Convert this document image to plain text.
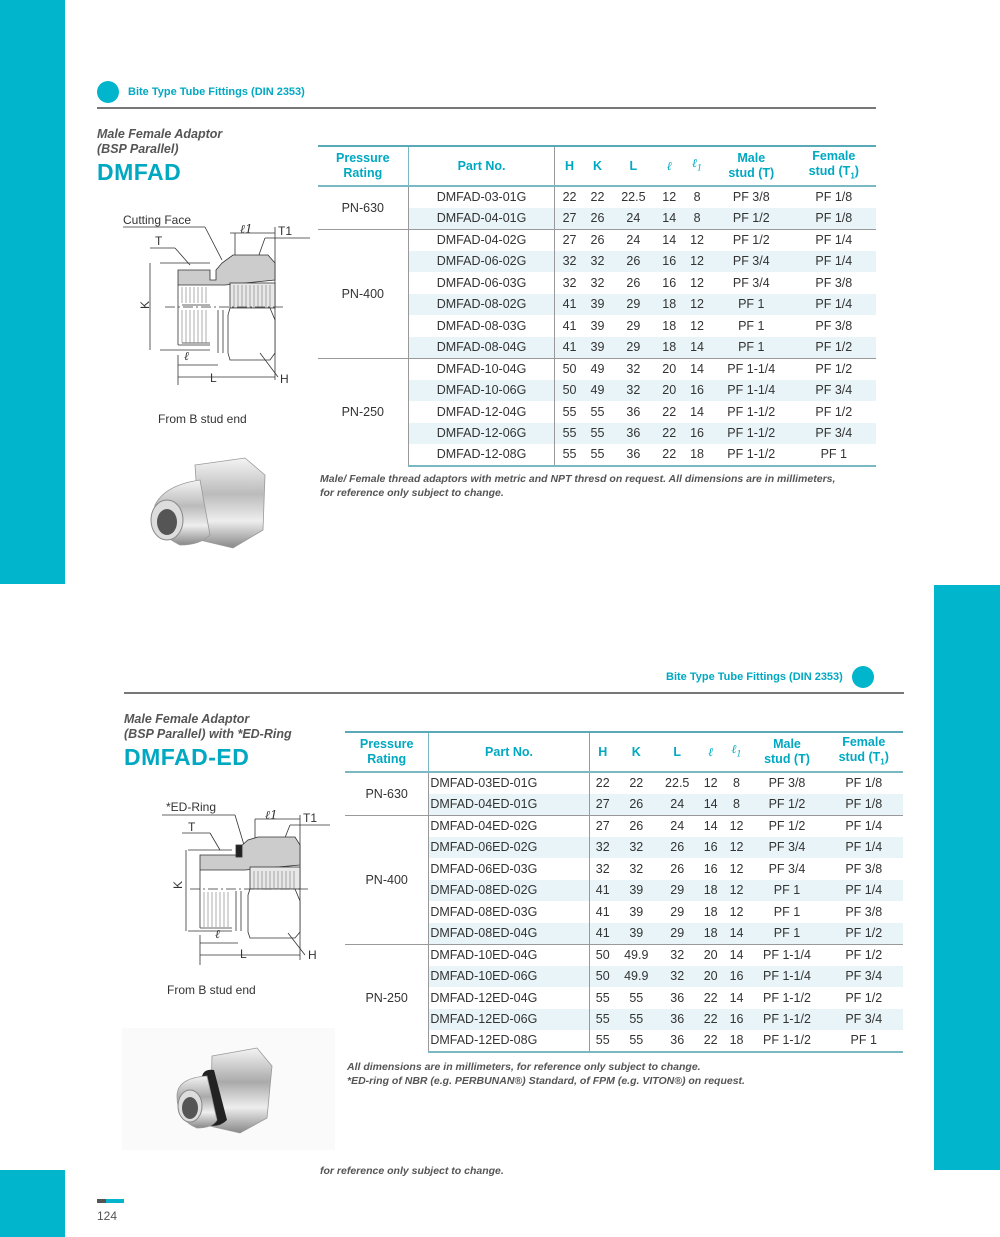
Bite Type Tube Fittings (DIN 2353)
Male Female Adaptor
(BSP Parallel)
DMFAD
Cutting Face
T
ℓ1 T1
K
ℓ
L	H
From B stud end
Pressure
Rating	Part No.	H	K	L	ℓ	ℓ$_1$	Male
stud (T)	Female
stud $(T_1)$
PN-630	DMFAD-03-01G	22	22	22.5	12	8	PF 3/8	PF 1/8
	DMFAD-04-01G	27	26	24	14	8	PF 1/2	PF 1/8
PN-400	DMFAD-04-02G	27	26	24	14	12	PF 1/2	PF 1/4
	DMFAD-06-02G	32	32	26	16	12	PF 3/4	PF 1/4
	DMFAD-06-03G	32	32	26	16	12	PF 3/4	PF 3/8
	DMFAD-08-02G	41	39	29	18	12	PF 1	PF 1/4
	DMFAD-08-03G	41	39	29	18	12	PF 1	PF 3/8
	DMFAD-08-04G	41	39	29	18	14	PF 1	PF 1/2
PN-250	DMFAD-10-04G	50	49	32	20	14	PF 1-1/4	PF 1/2
	DMFAD-10-06G	50	49	32	20	16	PF 1-1/4	PF 3/4
	DMFAD-12-04G	55	55	36	22	14	PF 1-1/2	PF 1/2
	DMFAD-12-06G	55	55	36	22	16	PF 1-1/2	PF 3/4
	DMFAD-12-08G	55	55	36	22	18	PF 1-1/2	PF 1
Male/ Female thread adaptors with metric and NPT thresd on request. All dimensions are in millimeters,
for reference only subject to change.
Bite Type Tube Fittings (DIN 2353)
Male Female Adaptor
(BSP Parallel) with *ED-Ring
DMFAD-ED
*ED-Ring
T
ℓ1 T1
K
ℓ
L	H
From B stud end
Pressure
Rating	Part No.	H	K	L	ℓ	ℓ$_1$	Male
stud (T)	Female
stud $(T_1)$
PN-630	DMFAD-03ED-01G	22	22	22.5	12	8	PF 3/8	PF 1/8
	DMFAD-04ED-01G	27	26	24	14	8	PF 1/2	PF 1/8
PN-400	DMFAD-04ED-02G	27	26	24	14	12	PF 1/2	PF 1/4
	DMFAD-06ED-02G	32	32	26	16	12	PF 3/4	PF 1/4
	DMFAD-06ED-03G	32	32	26	16	12	PF 3/4	PF 3/8
	DMFAD-08ED-02G	41	39	29	18	12	PF 1	PF 1/4
	DMFAD-08ED-03G	41	39	29	18	12	PF 1	PF 3/8
	DMFAD-08ED-04G	41	39	29	18	14	PF 1	PF 1/2
PN-250	DMFAD-10ED-04G	50	49.9	32	20	14	PF 1-1/4	PF 1/2
	DMFAD-10ED-06G	50	49.9	32	20	16	PF 1-1/4	PF 3/4
	DMFAD-12ED-04G	55	55	36	22	14	PF 1-1/2	PF 1/2
	DMFAD-12ED-06G	55	55	36	22	16	PF 1-1/2	PF 3/4
	DMFAD-12ED-08G	55	55	36	22	18	PF 1-1/2	PF 1
All dimensions are in millimeters, for reference only subject to change.
*ED-ring of NBR (e.g. PERBUNAN®) Standard, of FPM (e.g. VITON®) on request.
for reference only subject to change.
124
